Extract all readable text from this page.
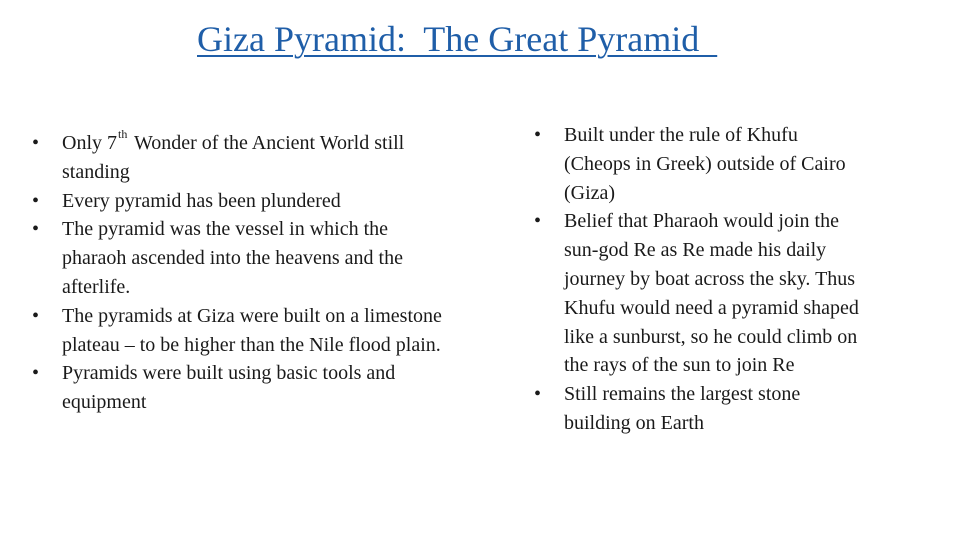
Giza Pyramid:  The Great Pyramid
•	Only 7th Wonder of the Ancient World still standing
•	Every pyramid has been plundered
•	The pyramid was the vessel in which the pharaoh ascended into the heavens and the afterlife.
•	The pyramids at Giza were built on a limestone plateau – to be higher than the Nile flood plain.
•	Pyramids were built using basic tools and equipment
•	Built under the rule of Khufu (Cheops in Greek) outside of Cairo (Giza)
•	Belief that Pharaoh would join the sun-god Re as Re made his daily journey by boat across the sky. Thus Khufu would need a pyramid shaped like a sunburst, so he could climb on the rays of the sun to join Re
•	Still remains the largest stone building on Earth
